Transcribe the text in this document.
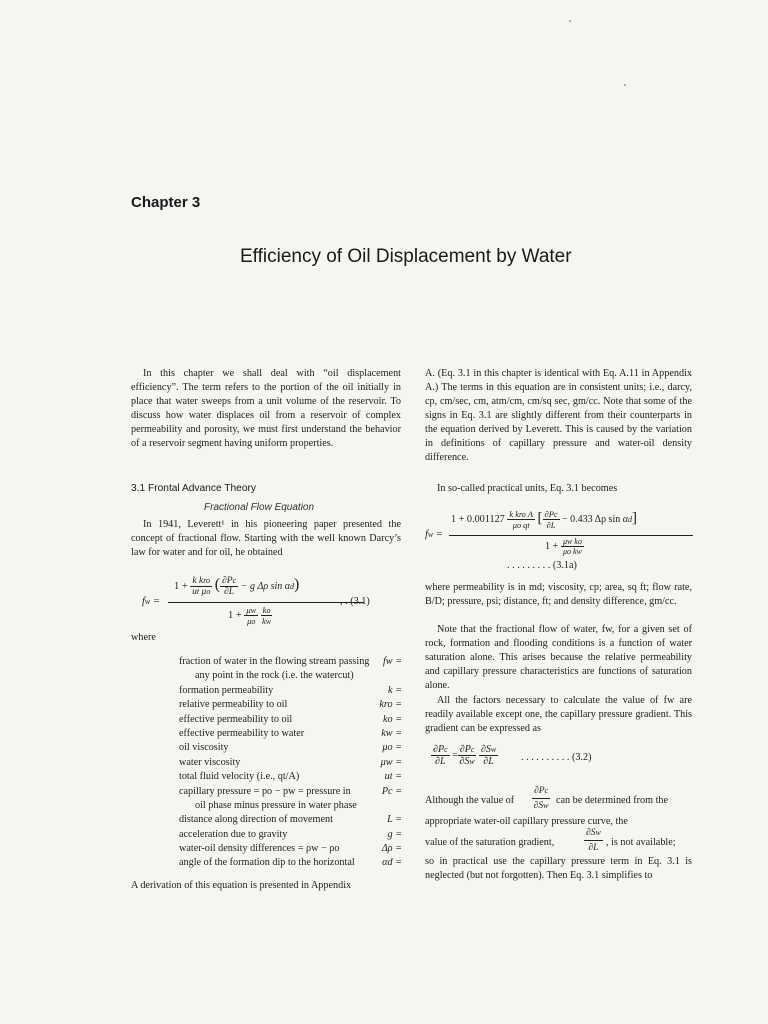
Chapter 3
Efficiency of Oil Displacement by Water
In this chapter we shall deal with “oil displacement efficiency”. The term refers to the portion of the oil initially in place that water sweeps from a unit volume of the reservoir. To discuss how water displaces oil from a reservoir of complex permeability and porosity, we must first understand the behavior of a reservoir segment having uniform properties.
3.1 Frontal Advance Theory
Fractional Flow Equation
In 1941, Leverett¹ in his pioneering paper presented the concept of fractional flow. Starting with the well known Darcy’s law for water and for oil, he obtained
fw =
$1 + \frac{\text{k kro}}{\text{ut μo}}$ ( $\frac{\partial Pc}{\partial L} - g$ Δρ sin αd)
$1 + \frac{\mu w}{\mu o}$
$\frac{ko}{kw}$
, . (3.1)
where
fw =
fraction of water in the flowing stream passing
any point in the rock (i.e. the watercut)
k =
formation permeability
kro =
relative permeability to oil
ko =
effective permeability to oil
kw =
effective permeability to water
μo =
oil viscosity
μw =
water viscosity
ut =
total fluid velocity (i.e., qt/A)
Pc =
capillary pressure = po − pw = pressure in
oil phase minus pressure in water phase
L =
distance along direction of movement
g =
acceleration due to gravity
Δρ =
water-oil density differences = ρw − ρo
αd =
angle of the formation dip to the horizontal
A derivation of this equation is presented in Appendix
A. (Eq. 3.1 in this chapter is identical with Eq. A.11 in Appendix A.) The terms in this equation are in consistent units; i.e., darcy, cp, cm/sec, cm, atm/cm, cm/sq sec, gm/cc. Note that some of the signs in Eq. 3.1 are slightly different from their counterparts in the equation derived by Leverett. This is caused by the variation in definitions of capillary pressure and water-oil density difference.
In so-called practical units, Eq. 3.1 becomes
fw =
$1 + 0.001127 \frac{\text{k kro A}}{\text{μo qt}}$ [ $\frac{\partial Pc}{\partial L} - 0.433$ Δρ sin αd]
$1 + \frac{\text{μw ko}}{\text{μo kw}}$
. . . . . . . . . (3.1a)
where permeability is in md; viscosity, cp; area, sq ft; flow rate, B/D; pressure, psi; distance, ft; and density difference, gm/cc.
Note that the fractional flow of water, fw, for a given set of rock, formation and flooding conditions is a function of water saturation alone. This arises because the relative permeability and capillary pressure characteristics are functions of saturation alone.
All the factors necessary to calculate the value of fw are readily available except one, the capillary pressure gradient. This gradient can be expressed as
$\frac{\partial Pc}{\partial L} = \frac{\partial Pc}{\partial Sw}$
$\frac{\partial Sw}{\partial L}$ . . . . . . . . . . (3.2)
Although the value of $\frac{\partial Pc}{\partial Sw}$ can be determined from the
appropriate water-oil capillary pressure curve, the
value of the saturation gradient,	$\frac{\partial Sw}{\partial L}$ , is not available;
so in practical use the capillary pressure term in Eq. 3.1 is neglected (but not forgotten). Then Eq. 3.1 simplifies to
